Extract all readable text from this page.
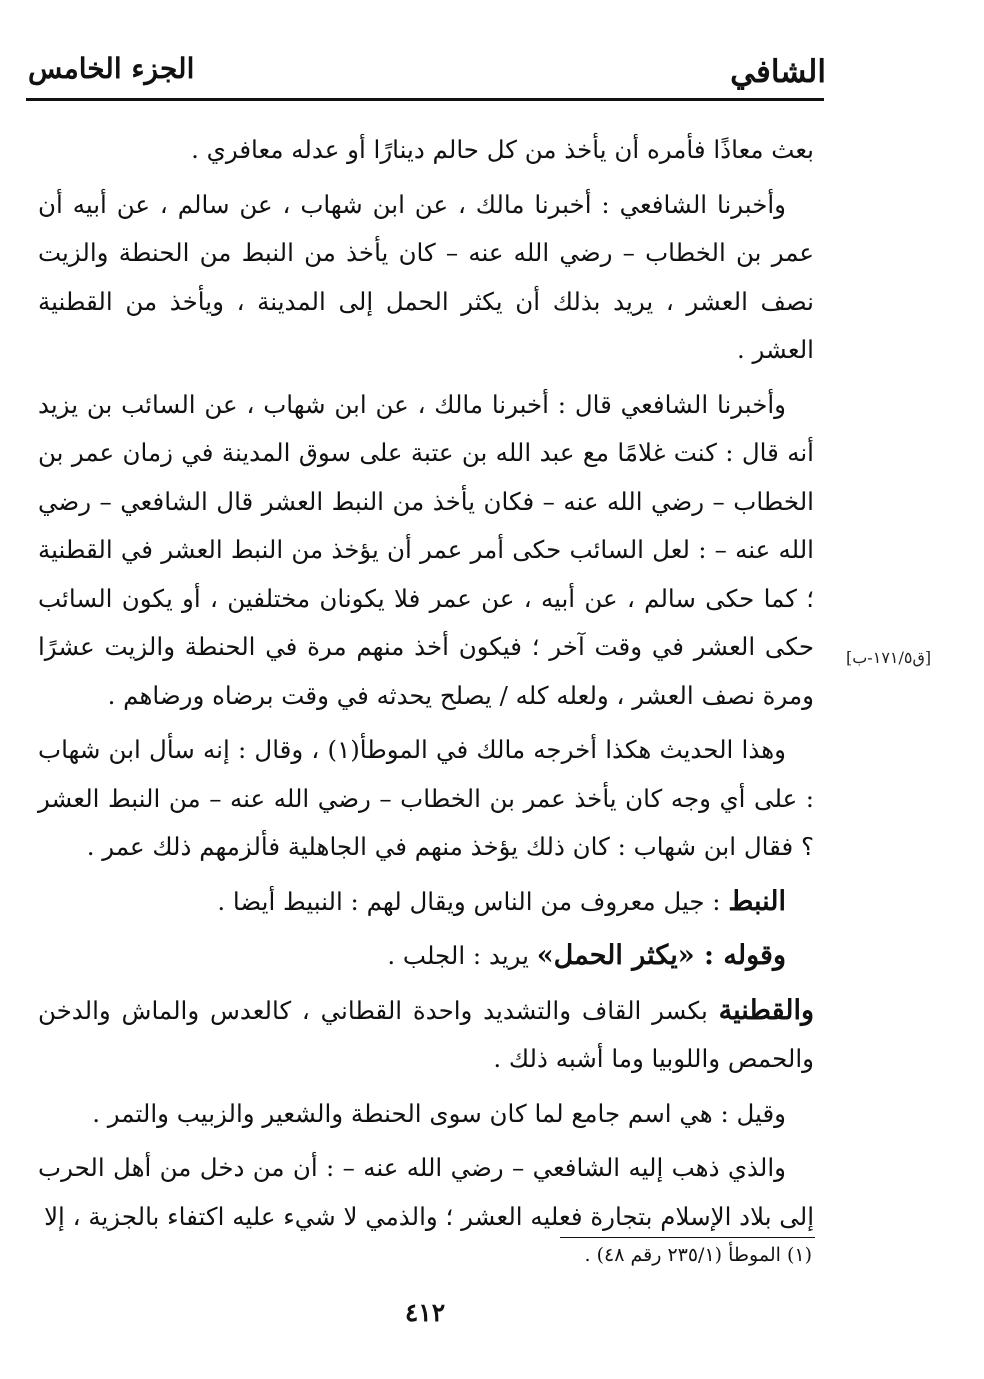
الشافي
الجزء الخامس

بعث معاذًا فأمره أن يأخذ من كل حالم دينارًا أو عدله معافري .

وأخبرنا الشافعي : أخبرنا مالك ، عن ابن شهاب ، عن سالم ، عن أبيه أن عمر بن الخطاب – رضي الله عنه – كان يأخذ من النبط من الحنطة والزيت نصف العشر ، يريد بذلك أن يكثر الحمل إلى المدينة ، ويأخذ من القطنية العشر .

وأخبرنا الشافعي قال : أخبرنا مالك ، عن ابن شهاب ، عن السائب بن يزيد أنه قال : كنت غلامًا مع عبد الله بن عتبة على سوق المدينة في زمان عمر بن الخطاب – رضي الله عنه – فكان يأخذ من النبط العشر قال الشافعي – رضي الله عنه – : لعل السائب حكى أمر عمر أن يؤخذ من النبط العشر في القطنية ؛ كما حكى سالم ، عن أبيه ، عن عمر فلا يكونان مختلفين ، أو يكون السائب حكى العشر في وقت آخر ؛ فيكون أخذ منهم مرة في الحنطة والزيت عشرًا ومرة نصف العشر ، ولعله كله / يصلح يحدثه في وقت برضاه ورضاهم .

وهذا الحديث هكذا أخرجه مالك في الموطأ(١) ، وقال : إنه سأل ابن شهاب : على أي وجه كان يأخذ عمر بن الخطاب – رضي الله عنه – من النبط العشر ؟ فقال ابن شهاب : كان ذلك يؤخذ منهم في الجاهلية فألزمهم ذلك عمر .

النبط : جيل معروف من الناس ويقال لهم : النبيط أيضا .

وقوله : «يكثر الحمل» يريد : الجلب .

والقطنية بكسر القاف والتشديد واحدة القطاني ، كالعدس والماش والدخن والحمص واللوبيا وما أشبه ذلك .

وقيل : هي اسم جامع لما كان سوى الحنطة والشعير والزبيب والتمر .

والذي ذهب إليه الشافعي – رضي الله عنه – : أن من دخل من أهل الحرب إلى بلاد الإسلام بتجارة فعليه العشر ؛ والذمي لا شيء عليه اكتفاء بالجزية ، إلا

[ق١٧١/٥-ب]
(١) الموطأ (٢٣٥/١ رقم ٤٨) .
٤١٢
